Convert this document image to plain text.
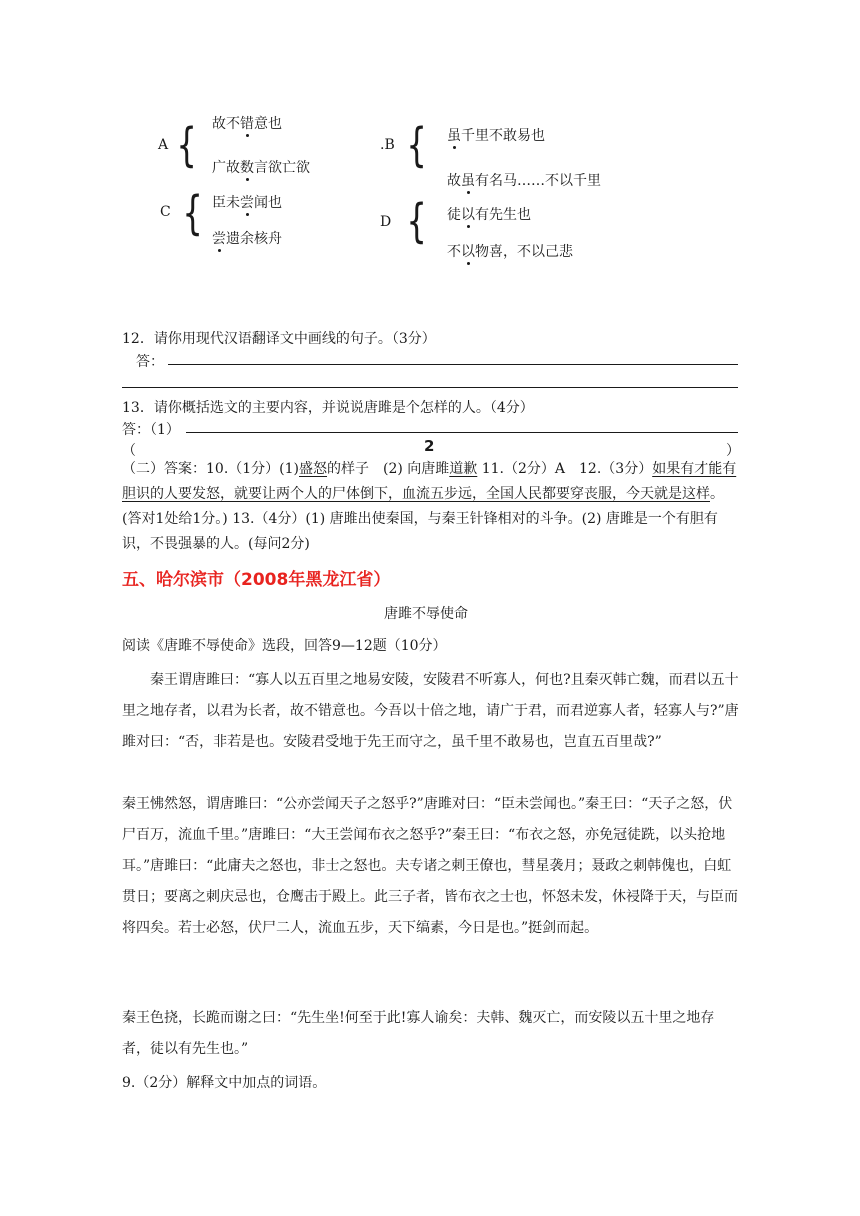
A { 故不错意也
广故数言欲亡欲
.B { 虽千里不敢易也
故虽有名马……不以千里
C { 臣未尝闻也
尝遗余核舟
D { 徒以有先生也
不以物喜，不以己悲
12．请你用现代汉语翻译文中画线的句子。（3分）
答：
13．请你概括选文的主要内容，并说说唐雎是个怎样的人。（4分）
答：（1）
（	2	）
（二）答案：10.（1分）(1)盛怒的样子　(2) 向唐雎道歉 11.（2分）A　12.（3分）如果有才能有胆识的人要发怒，就要让两个人的尸体倒下，血流五步远，全国人民都要穿丧服，今天就是这样。(答对1处给1分。) 13.（4分）(1) 唐雎出使秦国，与秦王针锋相对的斗争。(2) 唐雎是一个有胆有识，不畏强暴的人。(每问2分)
五、哈尔滨市（2008年黑龙江省）
唐雎不辱使命
阅读《唐雎不辱使命》选段，回答9—12题（10分）
秦王谓唐雎曰：“寡人以五百里之地易安陵，安陵君不听寡人，何也?且秦灭韩亡魏，而君以五十里之地存者，以君为长者，故不错意也。今吾以十倍之地，请广于君，而君逆寡人者，轻寡人与?”唐雎对曰：“否，非若是也。安陵君受地于先王而守之，虽千里不敢易也，岂直五百里哉?”
秦王怫然怒，谓唐雎曰：“公亦尝闻天子之怒乎?”唐雎对曰：“臣未尝闻也。”秦王曰：“天子之怒，伏尸百万，流血千里。”唐雎曰：“大王尝闻布衣之怒乎?”秦王曰：“布衣之怒，亦免冠徒跣，以头抢地耳。”唐雎曰：“此庸夫之怒也，非士之怒也。夫专诸之刺王僚也，彗星袭月；聂政之刺韩傀也，白虹贯日；要离之刺庆忌也，仓鹰击于殿上。此三子者，皆布衣之士也，怀怒未发，休祲降于天，与臣而将四矣。若士必怒，伏尸二人，流血五步，天下缟素，今日是也。”挺剑而起。
秦王色挠，长跪而谢之曰：“先生坐!何至于此!寡人谕矣：夫韩、魏灭亡，而安陵以五十里之地存者，徒以有先生也。”
9.（2分）解释文中加点的词语。
